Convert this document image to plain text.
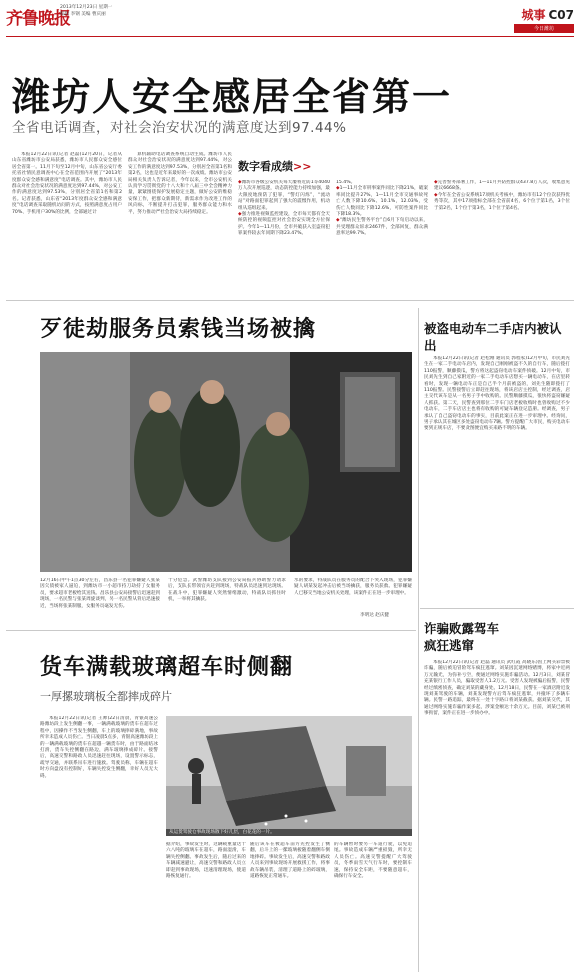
齐鲁晚报
2013年12月23日 星期一
编辑 李钢 美编 曹庆丽	城事 C07
今日潍坊
潍坊人安全感居全省第一
全省电话调查，对社会治安状况的满意度达到97.44%

本报12月22日讯(记者 赵磊)12月20日，记者从山东省潍坊市公安局获悉，潍坊市人民群众安全感位居全省第一。11月下旬至12月中旬，山东省公安厅委托省社情民意调查中心在全省范围内开展了“2013年度群众安全感和满意度”电话调查。其中，潍坊市人民群众对社会治安状况的满意度达到97.44%，对公安工作的满意度达到97.53%，分别居全省第1名和第2名。记者获悉，山东省“2013年度群众安全感和满意度”电话调查采取随机访问的方式，按照满意度占用户70%、手机用户30%的比例，全部通过计

算机辅助电话调查系统自动生成。潍坊市人民群众对社会治安状况的满意度达到97.44%，对公安工作的满意度达到97.53%，分别居全省第1名和第2名，这也是近年来最好的一次成绩。潍坊市公安局相关负责人告诉记者，今年以来，全市公安机关认真学习贯彻党的十八大和十八届三中全会精神力量，紧紧围绕保护发展稳定主题，做好公安的维稳安保工作，把群众新期待，新需求作为改进工作的风向标，不断提升打击犯罪，服务群众能力和水平，努力推动严社会治安大局持续稳定。

数字看成绩>>

◆潍坊市各级公安机关每天屡将近防1等4040万人次开展巡逻，动态防控能力持续加强，最大限度地预防了犯罪，“警灯闪烁”，“流动站”对路面犯罪起到了强大的震慑作用，机动组从巡组起来。

◆强力推进视频监控建设，全市每天都有全天候防控的视频监控对社会治安实现全方位保护。今年1—11月份，全市共破获入室盗窃犯罪案件较去年同期下降23.47%。

15.4%。

◆1—11月全市刑事案件同比下降21%，破案率同比提升27%，1—11月全市交通事故死亡人数下降10.6%、10.1%，12.03%，受伤亡人数同比下降12.6%，可防性案件同比下降18.3%。

◆“潍坊民生警务平台”自6月下旬启动以来，共受理群众诉求2467件，全部回复，群众满意率达99.7%。

◆完善警务部署工作，1—11月共防控群众437.8万人次，收集意见建议6668条。

◆今年在全省公安系统17项机关考核中，潍坊市有12个位次获得优秀等次，其中17项指标全部在全省前4名，6个位于第1名，3个位于第2名，1个位于第3名，1个位于第4名。

歹徒劫服务员索钱当场被擒

12月16日中午1点30分左右，昌乐县一名犯罪嫌疑人张某因欠债被家人逼迫，到潍坊市一小超市持刀劫持了女服务员，要求超市老板给其送钱。昌乐县公安局接警后迅速赶到现场，一名民警与张某周旋谈判，另一名民警从背后迅速接近，当场将张某制服，女服务员毫发无伤。

十分危急。武警潍坊支队接到公安局报兵协助警力请求后，支队长带领官兵赶到现场，特战队员迅速到达现场。在战斗中，犯罪嫌疑人突然情绪激动，特战队员抓住时机，一举将其擒获。

水的要求，特战队员在服务员的配合下突入现场，犯罪嫌疑人胡某发起冲击后被当场擒获，服务员获救。犯罪嫌疑人已移交当地公安机关处理，该案件正在进一步审理中。

李明达 赵庆健
被盗电动车二手店内被认出

本报12月22日讯(记者 赵松刚 通讯员 郭程家)12月中旬，市民刘先生在一家二手电动车店内，发现自己刚刚被盗不久的自行车，随后拨打110报警，顺藤摸瓜，警方将这起盗窃电动车案件侦破。12月中旬，市民刘先生到自己家附近的一家二手电动车店想买一辆电动车，在店里转看时，发现一辆电动车正是自己半个月前被盗的，刘先生随即拨打了110报警。民警接警后立即赶往现场，将该店店主控制，经过调查，店主交代该车是从一名男子手中收购的。民警顺藤摸瓜，很快将盗窃嫌疑人抓获。第二天，民警查到那位二手车门店老板收购时也曾收购过不少电动车，二手车店店主也将有收购的可疑车辆登记造册。经调查，男子承认了自己盗窃电动车的事实，目前此案正在进一步审理中。经询问，男子承认其在城区多处盗窃电动车7辆。警方提醒广大市民，购买电动车要到正规车店，不要贪图便宜购买来路不明的车辆。

货车满载玻璃超车时侧翻
一厚摞玻璃板全都摔成碎片

本报12月22日讯(记者 王帅)22日清晨，青银高速公路潍坊段上发生侧翻一事，一辆满载玻璃的货车在超车过程中，因操作不当发生侧翻，车上的玻璃摔碎满地，事故所幸未造成人员伤亡。当日凌晨5点多，青银高速潍坊段上的一辆满载玻璃的货车在超越一辆货车时，由于路面结冰打滑，货车失控侧翻在路边，满车玻璃摔成碎片。接警后，高速交警和路政人员迅速赶往现场，设置警示标志，疏导交通，并联系吊车进行施救。驾驶员称，车辆在超车时方向盘没有控制好，车辆失控发生侧翻，幸好人员无大碍。

从运货驾驶仓事故现场散下好几层，白花花的一片。

据介绍，事故发生时，这辆载重量达十六八吨的玻璃车在超车，路面湿滑，车辆失控侧翻。事故发生后，随后过来的车辆减速避让，高速交警和路政人员立即赶到事故现场，迅速清理现场，使道路恢复通行。

随后该车在被超车前方先控发生了侧翻，后斗上的一摞玻璃板随着翻侧车倒地摔碎。事故发生后，高速交警和路政人员来到事故现场开展救援工作，将事故车辆吊装，清理了道路上的碎玻璃，道路恢复正常通车。

的车辆暂时要另一车道行驶，以免追尾。事故造成车辆严重损毁，所幸无人员伤亡。高速交警提醒广大驾驶员，冬季雨雪天气行车时，要控制车速，保持安全车距，不要随意超车，确保行车安全。

诈骗败露驾车疯狂逃窜

本报12月22日讯(记者 赵磊 通讯员 武红霞 高晓东)因上网买彩票被诈骗，随后被迫冒险驾车疯狂逃窜。刘某因沉迷网络赌博，将家中近两万元输光，为弥补亏空，便通过网络实施诈骗活动。12月3日，刘某冒充某银行工作人员，骗取受害人1.2万元。受害人发现被骗后报警，民警经过缜密侦查，确定刘某的藏身处。12月18日，民警在一家酒店附近发现刘某驾驶的车辆，刘某发现警方后驾车疯狂逃窜，并撞坏了多辆车辆。民警一路追踪，最终在一处十字路口将刘某截获。据刘某交代，其通过网络实施诈骗作案多起，涉案金额达十余万元。目前，刘某已被刑事拘留，案件正在进一步侦办中。
